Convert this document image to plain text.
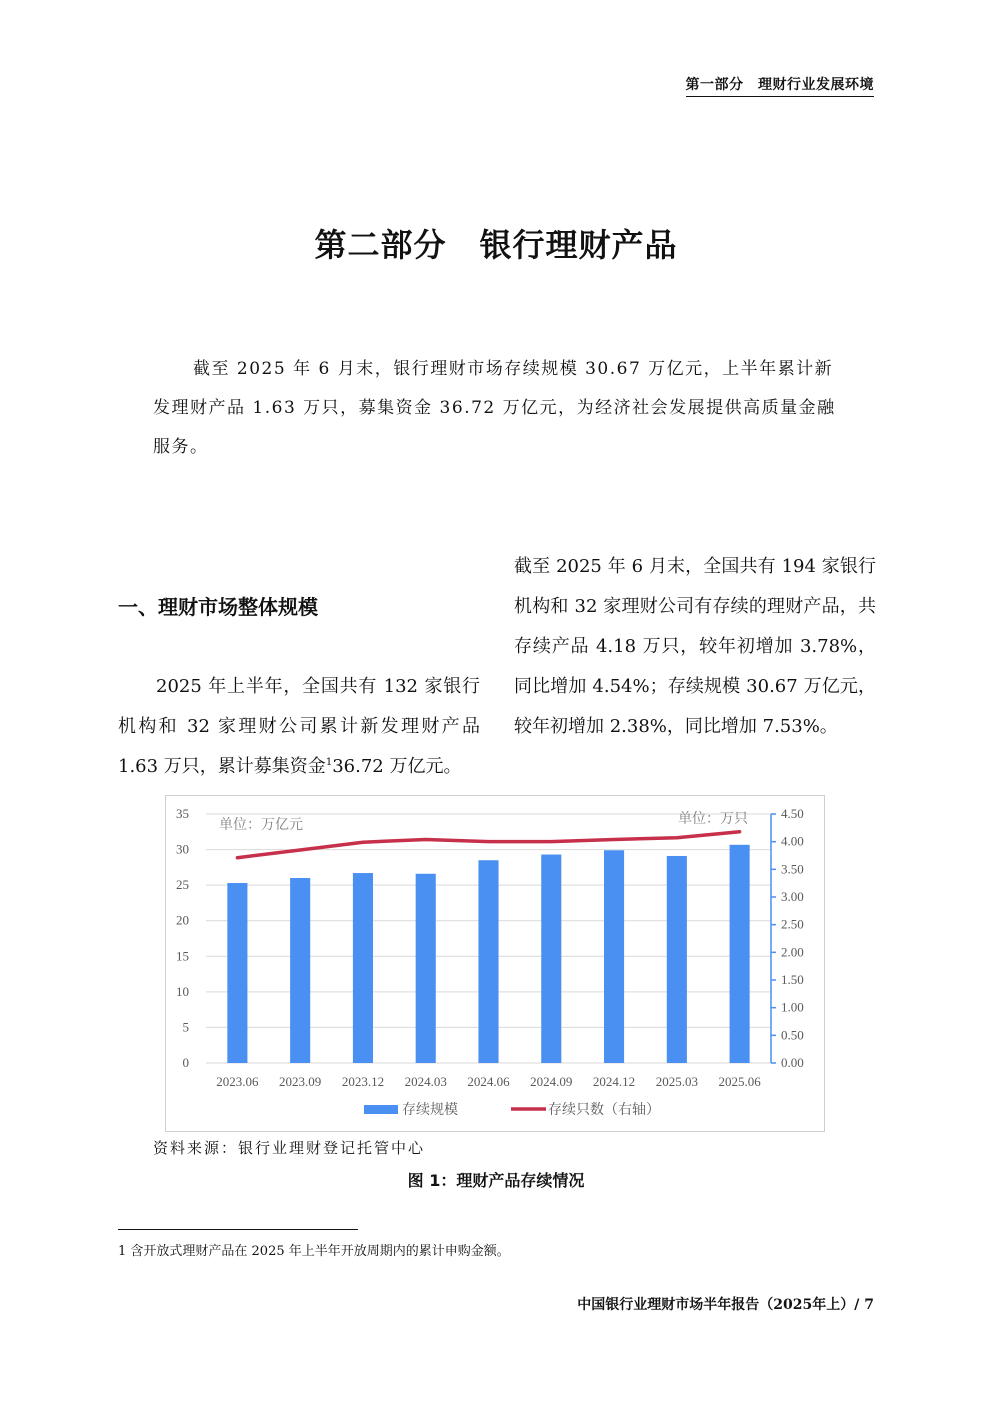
第一部分　理财行业发展环境
第二部分　银行理财产品

截至 2025 年 6 月末，银行理财市场存续规模 30.67 万亿元，上半年累计新发理财产品 1.63 万只，募集资金 36.72 万亿元，为经济社会发展提供高质量金融服务。

一、理财市场整体规模

2025 年上半年，全国共有 132 家银行机构和 32 家理财公司累计新发理财产品 1.63 万只，累计募集资金$^1$36.72 万亿元。

截至 2025 年 6 月末，全国共有 194 家银行机构和 32 家理财公司有存续的理财产品，共存续产品 4.18 万只，较年初增加 3.78%，同比增加 4.54%；存续规模 30.67 万亿元，较年初增加 2.38%，同比增加 7.53%。

0
5
10
15
20
25
30
35
0.00
0.50
1.00
1.50
2.00
2.50
3.00
3.50
4.00
4.50
2023.06 2023.09 2023.12 2024.03 2024.06 2024.09 2024.12 2025.03 2025.06
单位：万亿元	单位：万只
存续规模	存续只数（右轴）
资料来源：银行业理财登记托管中心
图 1：理财产品存续情况
1 含开放式理财产品在 2025 年上半年开放周期内的累计申购金额。
中国银行业理财市场半年报告（2025年上）/ 7
